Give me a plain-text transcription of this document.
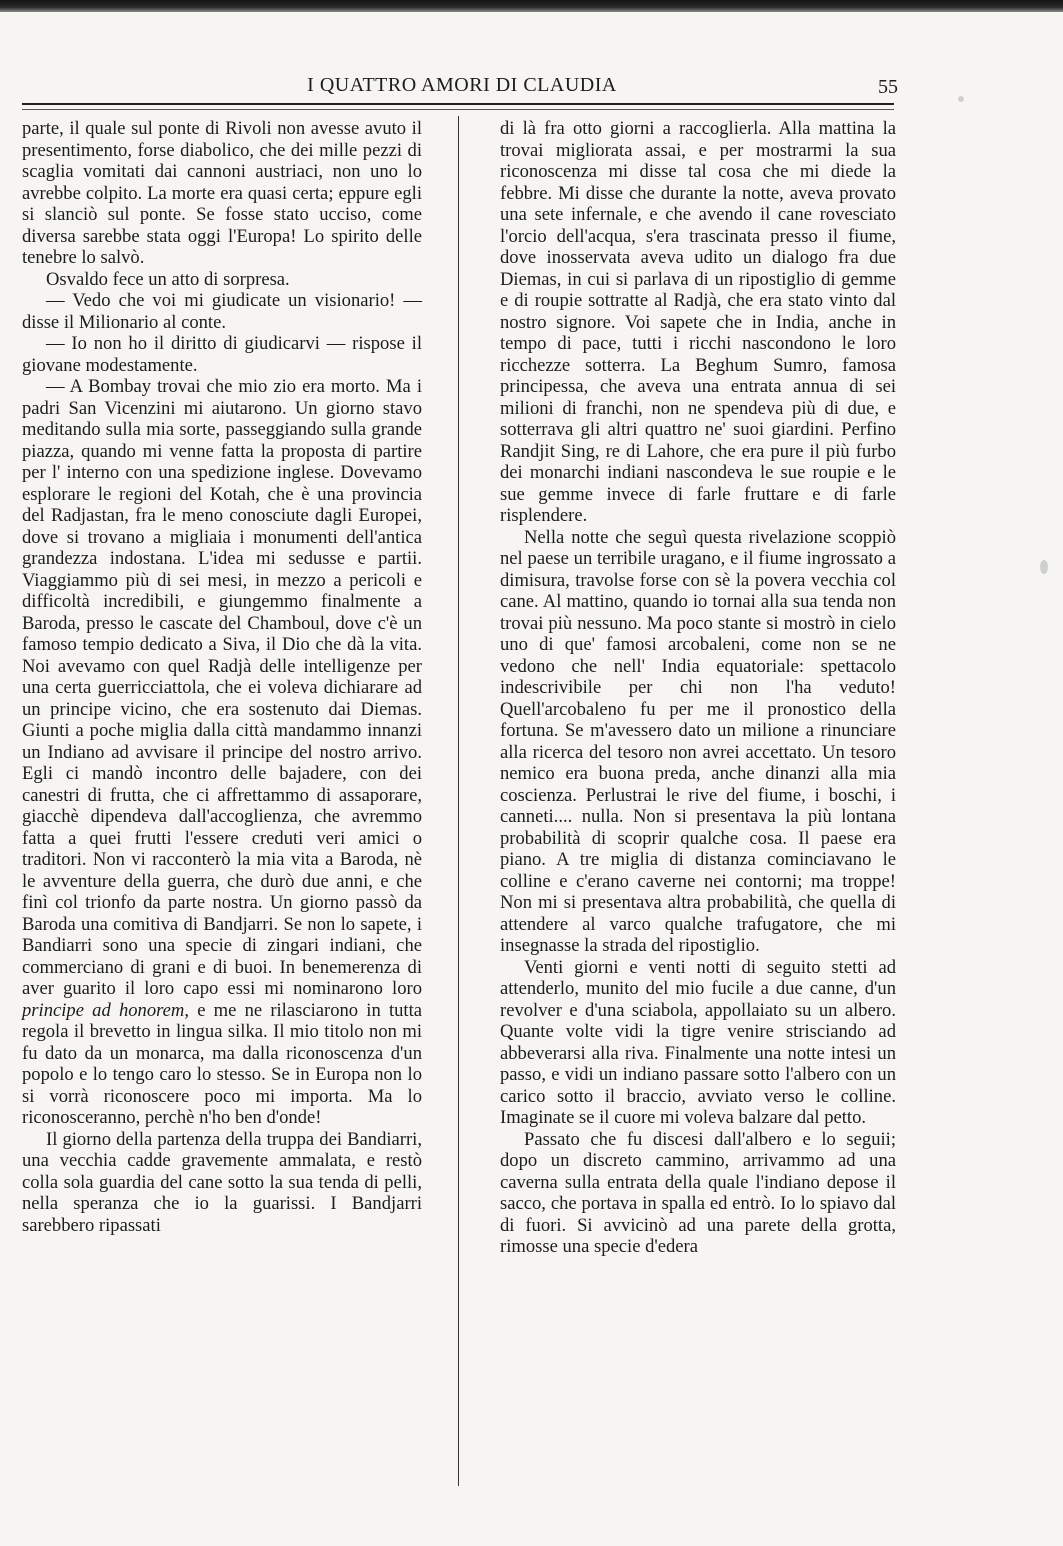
I QUATTRO AMORI DI CLAUDIA	55

parte, il quale sul ponte di Rivoli non avesse avuto il presentimento, forse diabolico, che dei mille pezzi di scaglia vomitati dai cannoni austriaci, non uno lo avrebbe colpito. La morte era quasi certa; eppure egli si slanciò sul ponte. Se fosse stato ucciso, come diversa sarebbe stata oggi l'Europa! Lo spirito delle tenebre lo salvò.

Osvaldo fece un atto di sorpresa.

— Vedo che voi mi giudicate un visionario! — disse il Milionario al conte.

— Io non ho il diritto di giudicarvi — rispose il giovane modestamente.

— A Bombay trovai che mio zio era morto. Ma i padri San Vicenzini mi aiutarono. Un giorno stavo meditando sulla mia sorte, passeggiando sulla grande piazza, quando mi venne fatta la proposta di partire per l' interno con una spedizione inglese. Dovevamo esplorare le regioni del Kotah, che è una provincia del Radjastan, fra le meno conosciute dagli Europei, dove si trovano a migliaia i monumenti dell'antica grandezza indostana. L'idea mi sedusse e partii. Viaggiammo più di sei mesi, in mezzo a pericoli e difficoltà incredibili, e giungemmo finalmente a Baroda, presso le cascate del Chamboul, dove c'è un famoso tempio dedicato a Siva, il Dio che dà la vita. Noi avevamo con quel Radjà delle intelligenze per una certa guerricciattola, che ei voleva dichiarare ad un principe vicino, che era sostenuto dai Diemas. Giunti a poche miglia dalla città mandammo innanzi un Indiano ad avvisare il principe del nostro arrivo. Egli ci mandò incontro delle bajadere, con dei canestri di frutta, che ci affrettammo di assaporare, giacchè dipendeva dall'accoglienza, che avremmo fatta a quei frutti l'essere creduti veri amici o traditori. Non vi racconterò la mia vita a Baroda, nè le avventure della guerra, che durò due anni, e che finì col trionfo da parte nostra. Un giorno passò da Baroda una comitiva di Bandjarri. Se non lo sapete, i Bandiarri sono una specie di zingari indiani, che commerciano di grani e di buoi. In benemerenza di aver guarito il loro capo essi mi nominarono loro principe ad honorem, e me ne rilasciarono in tutta regola il brevetto in lingua silka. Il mio titolo non mi fu dato da un monarca, ma dalla riconoscenza d'un popolo e lo tengo caro lo stesso. Se in Europa non lo si vorrà riconoscere poco mi importa. Ma lo riconosceranno, perchè n'ho ben d'onde!

Il giorno della partenza della truppa dei Bandiarri, una vecchia cadde gravemente ammalata, e restò colla sola guardia del cane sotto la sua tenda di pelli, nella speranza che io la guarissi. I Bandjarri sarebbero ripassati

di là fra otto giorni a raccoglierla. Alla mattina la trovai migliorata assai, e per mostrarmi la sua riconoscenza mi disse tal cosa che mi diede la febbre. Mi disse che durante la notte, aveva provato una sete infernale, e che avendo il cane rovesciato l'orcio dell'acqua, s'era trascinata presso il fiume, dove inosservata aveva udito un dialogo fra due Diemas, in cui si parlava di un ripostiglio di gemme e di roupie sottratte al Radjà, che era stato vinto dal nostro signore. Voi sapete che in India, anche in tempo di pace, tutti i ricchi nascondono le loro ricchezze sotterra. La Beghum Sumro, famosa principessa, che aveva una entrata annua di sei milioni di franchi, non ne spendeva più di due, e sotterrava gli altri quattro ne' suoi giardini. Perfino Randjit Sing, re di Lahore, che era pure il più furbo dei monarchi indiani nascondeva le sue roupie e le sue gemme invece di farle fruttare e di farle risplendere.

Nella notte che seguì questa rivelazione scoppiò nel paese un terribile uragano, e il fiume ingrossato a dimisura, travolse forse con sè la povera vecchia col cane. Al mattino, quando io tornai alla sua tenda non trovai più nessuno. Ma poco stante si mostrò in cielo uno di que' famosi arcobaleni, come non se ne vedono che nell' India equatoriale: spettacolo indescrivibile per chi non l'ha veduto! Quell'arcobaleno fu per me il pronostico della fortuna. Se m'avessero dato un milione a rinunciare alla ricerca del tesoro non avrei accettato. Un tesoro nemico era buona preda, anche dinanzi alla mia coscienza. Perlustrai le rive del fiume, i boschi, i canneti.... nulla. Non si presentava la più lontana probabilità di scoprir qualche cosa. Il paese era piano. A tre miglia di distanza cominciavano le colline e c'erano caverne nei contorni; ma troppe! Non mi si presentava altra probabilità, che quella di attendere al varco qualche trafugatore, che mi insegnasse la strada del ripostiglio.

Venti giorni e venti notti di seguito stetti ad attenderlo, munito del mio fucile a due canne, d'un revolver e d'una sciabola, appollaiato su un albero. Quante volte vidi la tigre venire strisciando ad abbeverarsi alla riva. Finalmente una notte intesi un passo, e vidi un indiano passare sotto l'albero con un carico sotto il braccio, avviato verso le colline. Imaginate se il cuore mi voleva balzare dal petto.

Passato che fu discesi dall'albero e lo seguii; dopo un discreto cammino, arrivammo ad una caverna sulla entrata della quale l'indiano depose il sacco, che portava in spalla ed entrò. Io lo spiavo dal di fuori. Si avvicinò ad una parete della grotta, rimosse una specie d'edera
